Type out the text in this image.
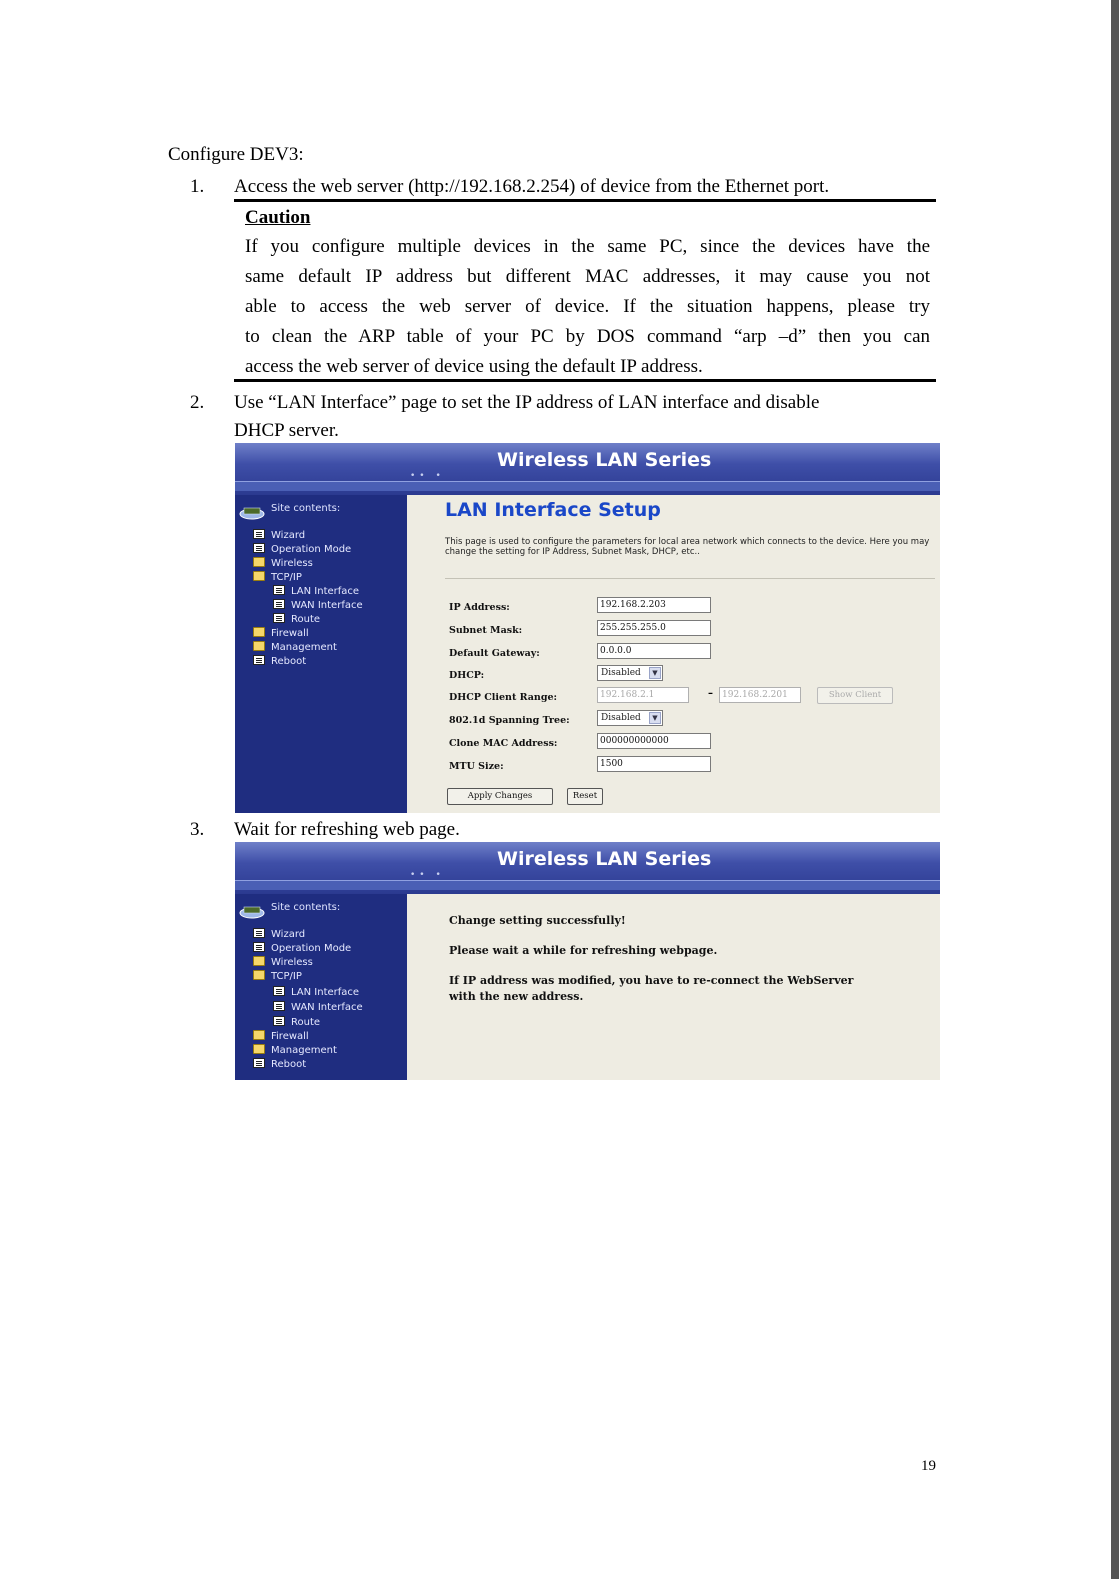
Configure DEV3:
1. Access the web server (http://192.168.2.254) of device from the Ethernet port.
Caution
If you configure multiple devices in the same PC, since the devices have the
same default IP address but different MAC addresses, it may cause you not
able to access the web server of device. If the situation happens, please try
to clean the ARP table of your PC by DOS command “arp –d” then you can
access the web server of device using the default IP address.
2. Use “LAN Interface” page to set the IP address of LAN interface and disable
DHCP server.
•• •
Wireless LAN Series
Site contents:
Wizard
Operation Mode
Wireless
TCP/IP
LAN Interface
WAN Interface
Route
Firewall
Management
Reboot
LAN Interface Setup
This page is used to configure the parameters for local area network which connects to the device. Here you may change the setting for IP Address, Subnet Mask, DHCP, etc..
IP Address:	192.168.2.203
Subnet Mask:	255.255.255.0
Default Gateway:	0.0.0.0
DHCP:	Disabled	▼
DHCP Client Range:	192.168.2.1	–	192.168.2.201	Show Client
802.1d Spanning Tree:	Disabled	▼
Clone MAC Address:	000000000000
MTU Size:	1500
Apply Changes	Reset
3. Wait for refreshing web page.
•• •
Wireless LAN Series
Site contents:
Wizard
Operation Mode
Wireless
TCP/IP
LAN Interface
WAN Interface
Route
Firewall
Management
Reboot
Change setting successfully!
Please wait a while for refreshing webpage.
If IP address was modified, you have to re-connect the WebServer
with the new address.
19
